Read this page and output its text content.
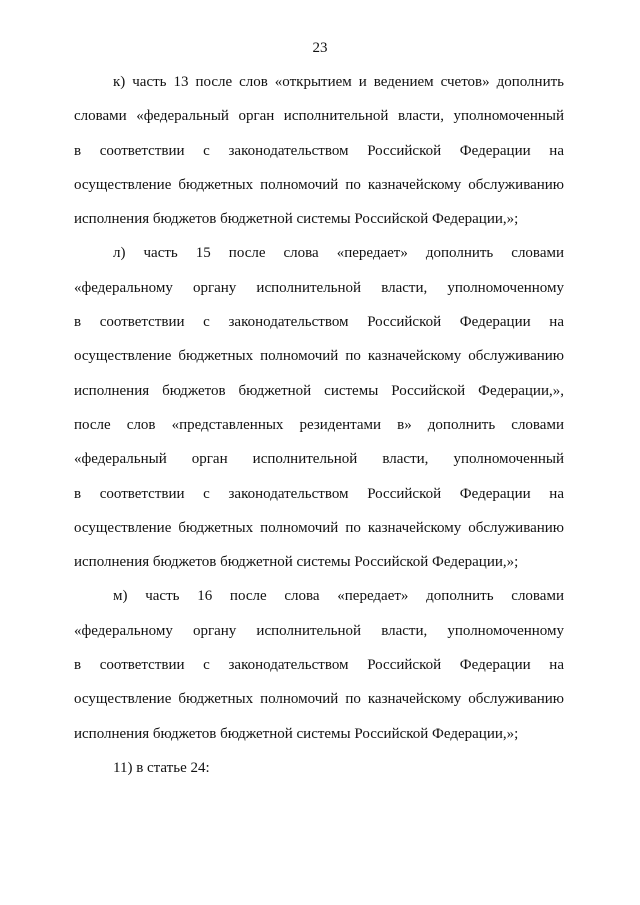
23
к) часть 13 после слов «открытием и ведением счетов» дополнить
словами «федеральный орган исполнительной власти, уполномоченный
в соответствии с законодательством Российской Федерации на
осуществление бюджетных полномочий по казначейскому обслуживанию
исполнения бюджетов бюджетной системы Российской Федерации,»;
л) часть 15 после слова «передает» дополнить словами
«федеральному органу исполнительной власти, уполномоченному
в соответствии с законодательством Российской Федерации на
осуществление бюджетных полномочий по казначейскому обслуживанию
исполнения бюджетов бюджетной системы Российской Федерации,»,
после слов «представленных резидентами в» дополнить словами
«федеральный орган исполнительной власти, уполномоченный
в соответствии с законодательством Российской Федерации на
осуществление бюджетных полномочий по казначейскому обслуживанию
исполнения бюджетов бюджетной системы Российской Федерации,»;
м) часть 16 после слова «передает» дополнить словами
«федеральному органу исполнительной власти, уполномоченному
в соответствии с законодательством Российской Федерации на
осуществление бюджетных полномочий по казначейскому обслуживанию
исполнения бюджетов бюджетной системы Российской Федерации,»;
11) в статье 24:
